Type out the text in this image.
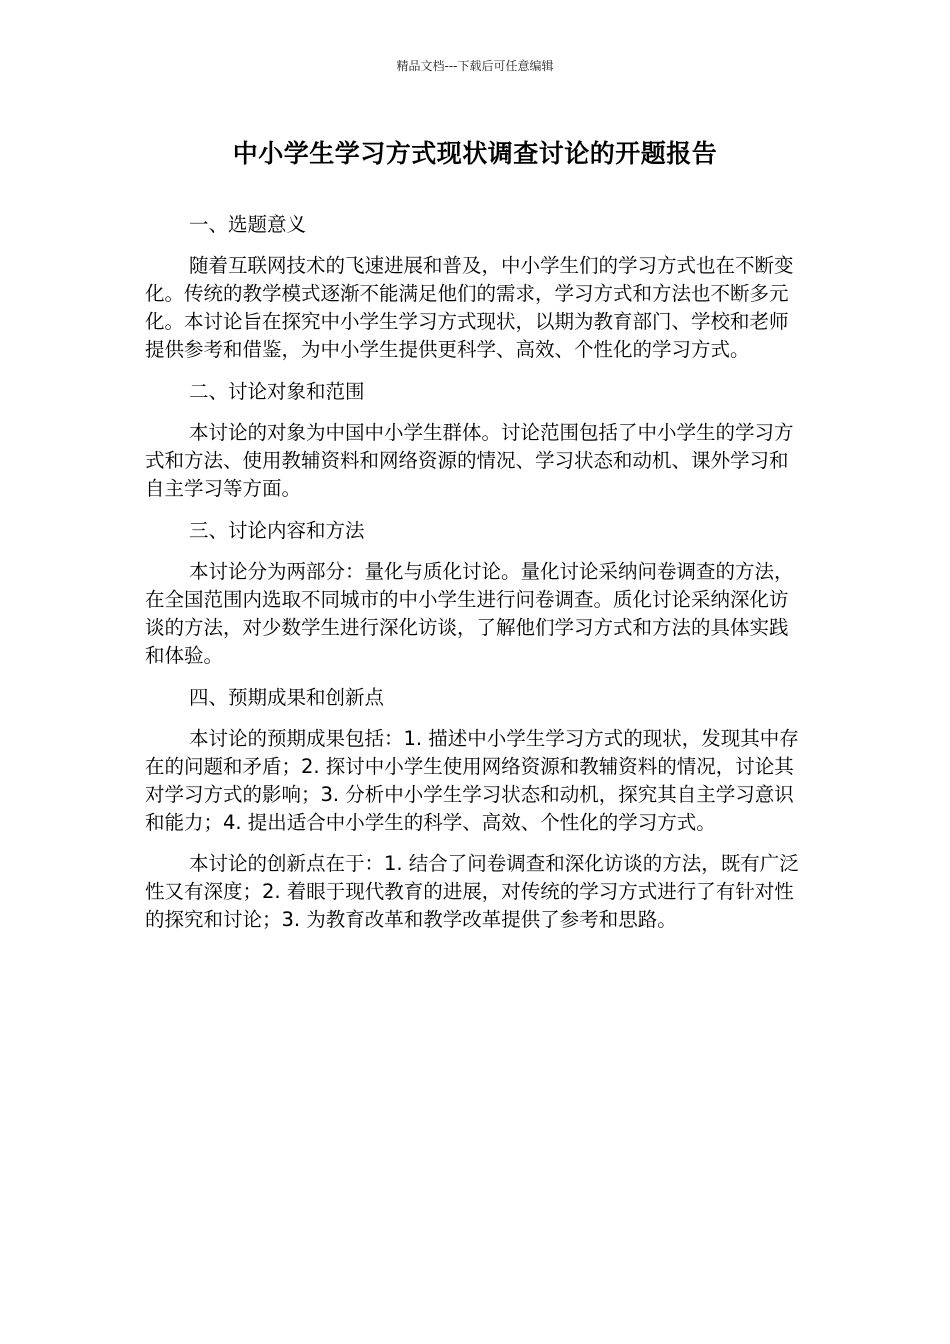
精品文档---下载后可任意编辑
中小学生学习方式现状调查讨论的开题报告

一、选题意义

随着互联网技术的飞速进展和普及，中小学生们的学习方式也在不断变化。传统的教学模式逐渐不能满足他们的需求，学习方式和方法也不断多元化。本讨论旨在探究中小学生学习方式现状，以期为教育部门、学校和老师提供参考和借鉴，为中小学生提供更科学、高效、个性化的学习方式。

二、讨论对象和范围

本讨论的对象为中国中小学生群体。讨论范围包括了中小学生的学习方式和方法、使用教辅资料和网络资源的情况、学习状态和动机、课外学习和自主学习等方面。

三、讨论内容和方法

本讨论分为两部分：量化与质化讨论。量化讨论采纳问卷调查的方法，在全国范围内选取不同城市的中小学生进行问卷调查。质化讨论采纳深化访谈的方法，对少数学生进行深化访谈，了解他们学习方式和方法的具体实践和体验。

四、预期成果和创新点

本讨论的预期成果包括：1. 描述中小学生学习方式的现状，发现其中存在的问题和矛盾；2. 探讨中小学生使用网络资源和教辅资料的情况，讨论其对学习方式的影响；3. 分析中小学生学习状态和动机，探究其自主学习意识和能力；4. 提出适合中小学生的科学、高效、个性化的学习方式。

本讨论的创新点在于：1. 结合了问卷调查和深化访谈的方法，既有广泛性又有深度；2. 着眼于现代教育的进展，对传统的学习方式进行了有针对性的探究和讨论；3. 为教育改革和教学改革提供了参考和思路。
